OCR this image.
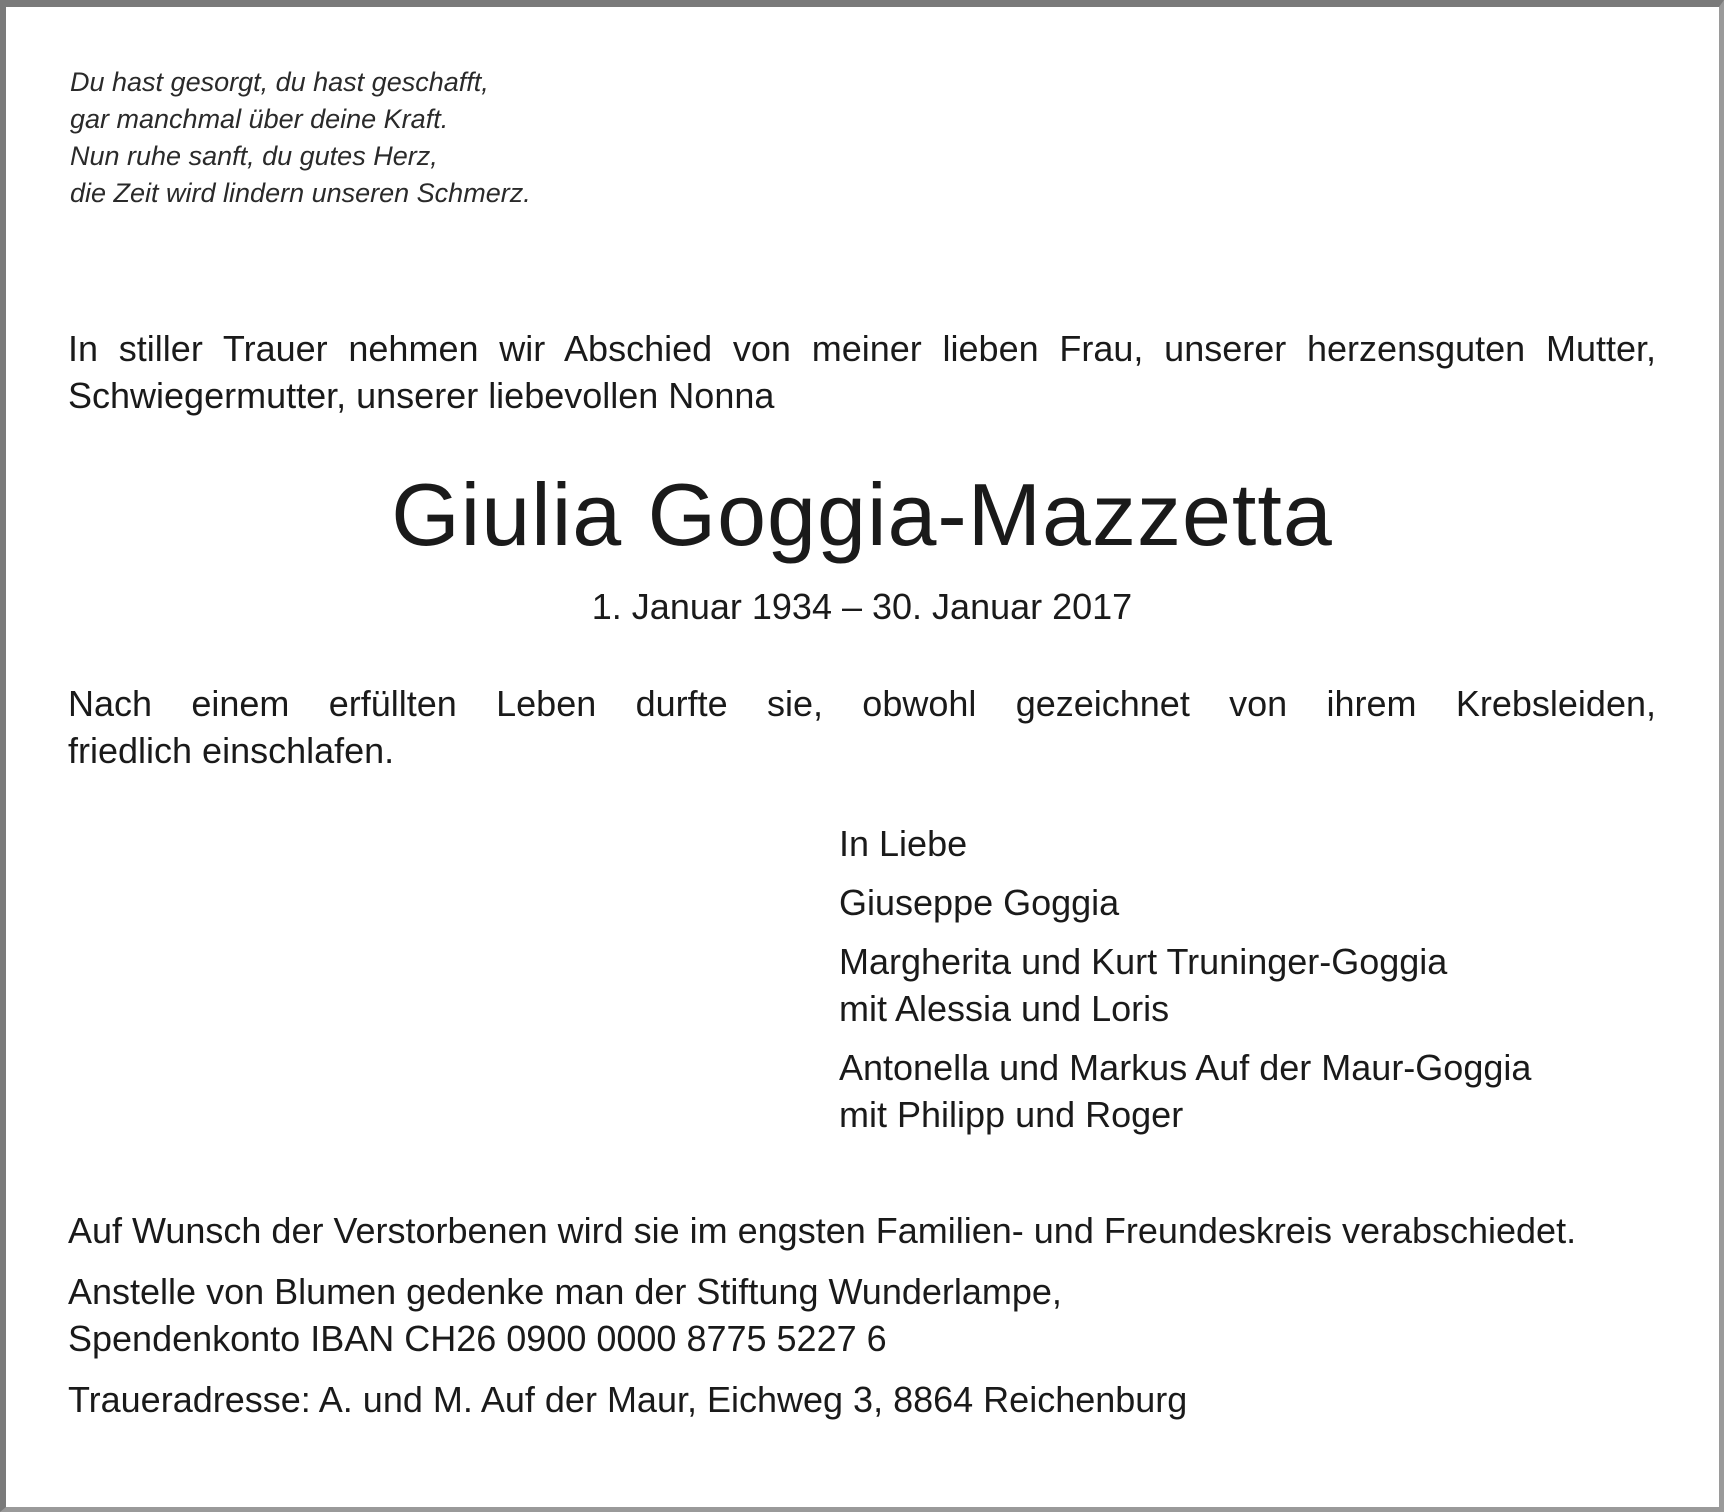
Du hast gesorgt, du hast geschafft,
gar manchmal über deine Kraft.
Nun ruhe sanft, du gutes Herz,
die Zeit wird lindern unseren Schmerz.
In stiller Trauer nehmen wir Abschied von meiner lieben Frau, unserer herzensguten Mutter,
Schwiegermutter, unserer liebevollen Nonna
Giulia Goggia-Mazzetta
1. Januar 1934 – 30. Januar 2017
Nach einem erfüllten Leben durfte sie, obwohl gezeichnet von ihrem Krebsleiden,
friedlich einschlafen.
Auf Wunsch der Verstorbenen wird sie im engsten Familien- und Freundeskreis verabschiedet.
Anstelle von Blumen gedenke man der Stiftung Wunderlampe,
Spendenkonto IBAN CH26 0900 0000 8775 5227 6
Traueradresse: A. und M. Auf der Maur, Eichweg 3, 8864 Reichenburg
In Liebe
Giuseppe Goggia
Margherita und Kurt Truninger-Goggia
mit Alessia und Loris
Antonella und Markus Auf der Maur-Goggia
mit Philipp und Roger
